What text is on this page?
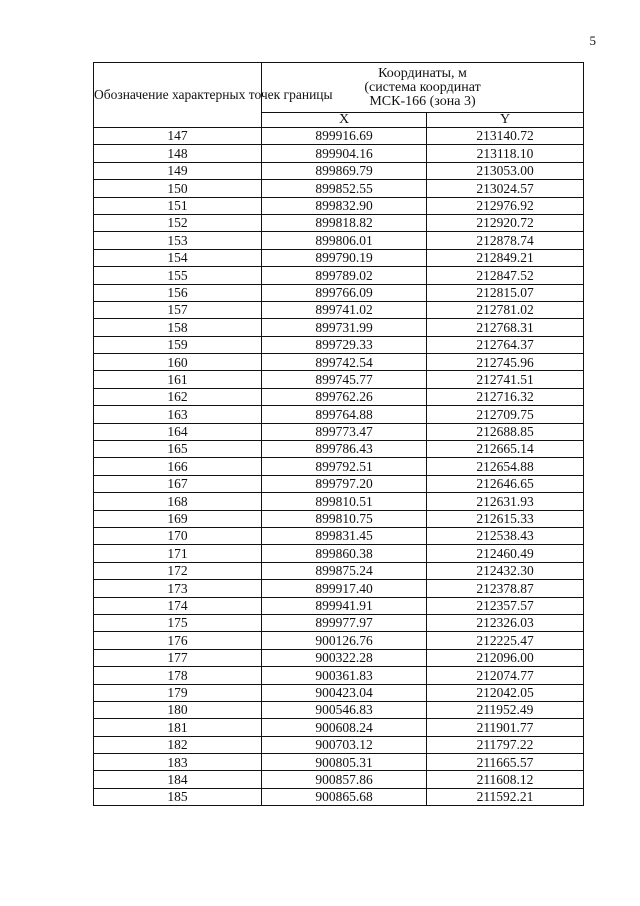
5
Обозначение характерных точек границы	Координаты, м
(система координат
МСК-166 (зона 3)	
	X	Y
147	899916.69	213140.72
148	899904.16	213118.10
149	899869.79	213053.00
150	899852.55	213024.57
151	899832.90	212976.92
152	899818.82	212920.72
153	899806.01	212878.74
154	899790.19	212849.21
155	899789.02	212847.52
156	899766.09	212815.07
157	899741.02	212781.02
158	899731.99	212768.31
159	899729.33	212764.37
160	899742.54	212745.96
161	899745.77	212741.51
162	899762.26	212716.32
163	899764.88	212709.75
164	899773.47	212688.85
165	899786.43	212665.14
166	899792.51	212654.88
167	899797.20	212646.65
168	899810.51	212631.93
169	899810.75	212615.33
170	899831.45	212538.43
171	899860.38	212460.49
172	899875.24	212432.30
173	899917.40	212378.87
174	899941.91	212357.57
175	899977.97	212326.03
176	900126.76	212225.47
177	900322.28	212096.00
178	900361.83	212074.77
179	900423.04	212042.05
180	900546.83	211952.49
181	900608.24	211901.77
182	900703.12	211797.22
183	900805.31	211665.57
184	900857.86	211608.12
185	900865.68	211592.21
